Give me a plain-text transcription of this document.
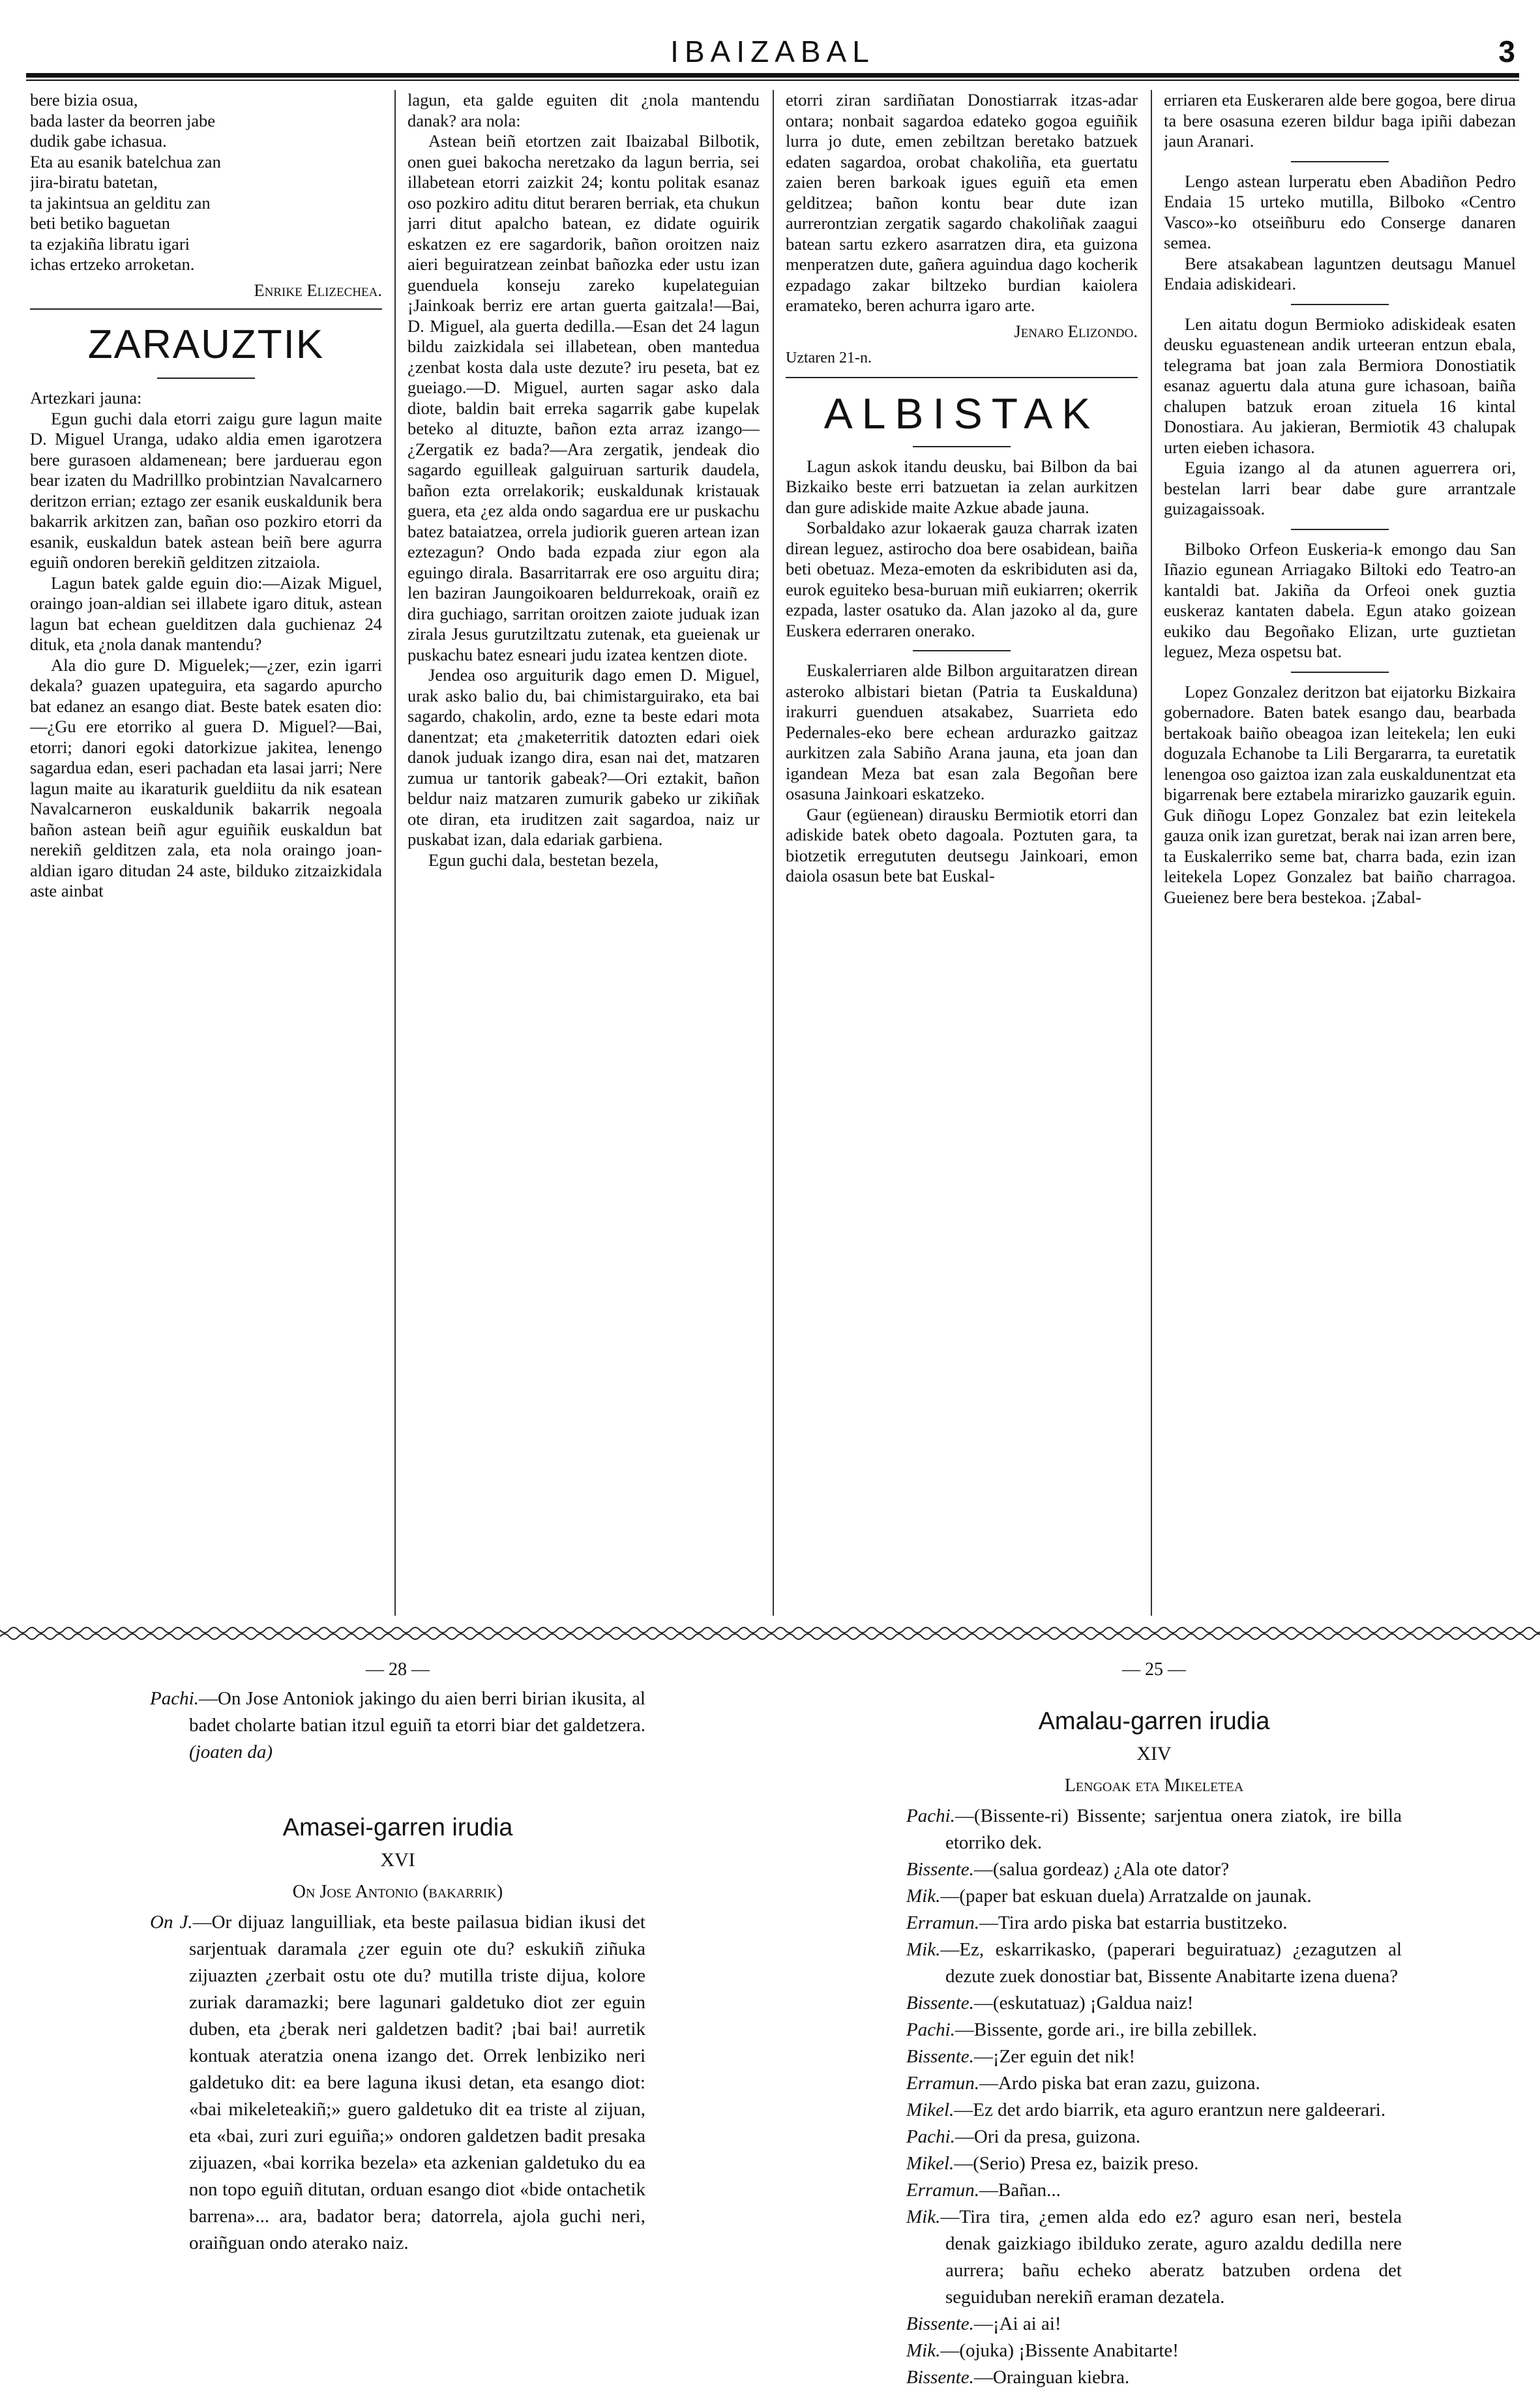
IBAIZABAL	3

bere bizia osua,

bada laster da beorren jabe

dudik gabe ichasua.

Eta au esanik batelchua zan

jira-biratu batetan,

ta jakintsua an gelditu zan

beti betiko baguetan

ta ezjakiña libratu igari

ichas ertzeko arroketan.

Enrike Elizechea.

ZARAUZTIK

Artezkari jauna:

Egun guchi dala etorri zaigu gure lagun maite D. Miguel Uranga, udako aldia emen igarotzera bere gurasoen aldamenean; bere jarduerau egon bear izaten du Madrillko probintzian Navalcarnero deritzon errian; eztago zer esanik euskaldunik bera bakarrik arkitzen zan, bañan oso pozkiro etorri da esanik, euskaldun batek astean beiñ bere agurra eguiñ ondoren berekiñ gelditzen zitzaiola.

Lagun batek galde eguin dio:—Aizak Miguel, oraingo joan-aldian sei illabete igaro dituk, astean lagun bat echean guelditzen dala guchienaz 24 dituk, eta ¿nola danak mantendu?

Ala dio gure D. Miguelek;—¿zer, ezin igarri dekala? guazen upateguira, eta sagardo apurcho bat edanez an esango diat. Beste batek esaten dio:—¿Gu ere etorriko al guera D. Miguel?—Bai, etorri; danori egoki datorkizue jakitea, lenengo sagardua edan, eseri pachadan eta lasai jarri; Nere lagun maite au ikaraturik gueldiitu da nik esatean Navalcarneron euskaldunik bakarrik negoala bañon astean beiñ agur eguiñik euskaldun bat nerekiñ gelditzen zala, eta nola oraingo joan-aldian igaro ditudan 24 aste, bilduko zitzaizkidala aste ainbat

lagun, eta galde eguiten dit ¿nola mantendu danak? ara nola:

Astean beiñ etortzen zait Ibaizabal Bilbotik, onen guei bakocha neretzako da lagun berria, sei illabetean etorri zaizkit 24; kontu politak esanaz oso pozkiro aditu ditut beraren berriak, eta chukun jarri ditut apalcho batean, ez didate oguirik eskatzen ez ere sagardorik, bañon oroitzen naiz aieri beguiratzean zeinbat bañozka eder ustu izan guenduela konseju zareko kupelateguian ¡Jainkoak berriz ere artan guerta gaitzala!—Bai, D. Miguel, ala guerta dedilla.—Esan det 24 lagun bildu zaizkidala sei illabetean, oben mantedua ¿zenbat kosta dala uste dezute? iru peseta, bat ez gueiago.—D. Miguel, aurten sagar asko dala diote, baldin bait erreka sagarrik gabe kupelak beteko al dituzte, bañon ezta arraz izango—¿Zergatik ez bada?—Ara zergatik, jendeak dio sagardo eguilleak galguiruan sarturik daudela, bañon ezta orrelakorik; euskaldunak kristauak guera, eta ¿ez alda ondo sagardua ere ur puskachu batez bataiatzea, orrela judiorik gueren artean izan eztezagun? Ondo bada ezpada ziur egon ala eguingo dirala. Basarritarrak ere oso arguitu dira; len baziran Jaungoikoaren beldurrekoak, oraiñ ez dira guchiago, sarritan oroitzen zaiote juduak izan zirala Jesus gurutziltzatu zutenak, eta gueienak ur puskachu batez esneari judu izatea kentzen diote.

Jendea oso arguiturik dago emen D. Miguel, urak asko balio du, bai chimistarguirako, eta bai sagardo, chakolin, ardo, ezne ta beste edari mota danentzat; eta ¿maketerritik datozten edari oiek danok juduak izango dira, esan nai det, matzaren zumua ur tantorik gabeak?—Ori eztakit, bañon beldur naiz matzaren zumurik gabeko ur zikiñak ote diran, eta iruditzen zait sagardoa, naiz ur puskabat izan, dala edariak garbiena.

Egun guchi dala, bestetan bezela,

etorri ziran sardiñatan Donostiarrak itzas-adar ontara; nonbait sagardoa edateko gogoa eguiñik lurra jo dute, emen zebiltzan beretako batzuek edaten sagardoa, orobat chakoliña, eta guertatu zaien beren barkoak igues eguiñ eta emen gelditzea; bañon kontu bear dute izan aurrerontzian zergatik sagardo chakoliñak zaagui batean sartu ezkero asarratzen dira, eta guizona menperatzen dute, gañera aguindua dago kocherik ezpadago zakar biltzeko burdian kaiolera eramateko, beren achurra igaro arte.

Jenaro Elizondo.

Uztaren 21-n.

ALBISTAK

Lagun askok itandu deusku, bai Bilbon da bai Bizkaiko beste erri batzuetan ia zelan aurkitzen dan gure adiskide maite Azkue abade jauna.

Sorbaldako azur lokaerak gauza charrak izaten direan leguez, astirocho doa bere osabidean, baiña beti obetuaz. Meza-emoten da eskribiduten asi da, eurok eguiteko besa-buruan miñ eukiarren; okerrik ezpada, laster osatuko da. Alan jazoko al da, gure Euskera ederraren onerako.

Euskalerriaren alde Bilbon arguitaratzen direan asteroko albistari bietan (Patria ta Euskalduna) irakurri guenduen atsakabez, Suarrieta edo Pedernales-eko bere echean ardurazko gaitzaz aurkitzen zala Sabiño Arana jauna, eta joan dan igandean Meza bat esan zala Begoñan bere osasuna Jainkoari eskatzeko.

Gaur (egüenean) dirausku Bermiotik etorri dan adiskide batek obeto dagoala. Poztuten gara, ta biotzetik erregututen deutsegu Jainkoari, emon daiola osasun bete bat Euskal-

erriaren eta Euskeraren alde bere gogoa, bere dirua ta bere osasuna ezeren bildur baga ipiñi dabezan jaun Aranari.

Lengo astean lurperatu eben Abadiñon Pedro Endaia 15 urteko mutilla, Bilboko «Centro Vasco»-ko otseiñburu edo Conserge danaren semea.

Bere atsakabean laguntzen deutsagu Manuel Endaia adiskideari.

Len aitatu dogun Bermioko adiskideak esaten deusku eguastenean andik urteeran entzun ebala, telegrama bat joan zala Bermiora Donostiatik esanaz aguertu dala atuna gure ichasoan, baiña chalupen batzuk eroan zituela 16 kintal Donostiara. Au jakieran, Bermiotik 43 chalupak urten eieben ichasora.

Eguia izango al da atunen aguerrera ori, bestelan larri bear dabe gure arrantzale guizagaissoak.

Bilboko Orfeon Euskeria-k emongo dau San Iñazio egunean Arriagako Biltoki edo Teatro-an kantaldi bat. Jakiña da Orfeoi onek guztia euskeraz kantaten dabela. Egun atako goizean eukiko dau Begoñako Elizan, urte guztietan leguez, Meza ospetsu bat.

Lopez Gonzalez deritzon bat eijatorku Bizkaira gobernadore. Baten batek esango dau, bearbada bertakoak baiño obeagoa izan leitekela; len euki doguzala Echanobe ta Lili Bergararra, ta euretatik lenengoa oso gaiztoa izan zala euskaldunentzat eta bigarrenak bere eztabela mirarizko gauzarik eguin. Guk diñogu Lopez Gonzalez bat ezin leitekela gauza onik izan guretzat, berak nai izan arren bere, ta Euskalerriko seme bat, charra bada, ezin izan leitekela Lopez Gonzalez bat baiño charragoa. Gueienez bere bera bestekoa. ¡Zabal-

— 28 —

Pachi.—On Jose Antoniok jakingo du aien berri birian ikusita, al badet cholarte batian itzul eguiñ ta etorri biar det galdetzera. (joaten da)

Amasei-garren irudia

XVI

On Jose Antonio (bakarrik)

On J.—Or dijuaz languilliak, eta beste pailasua bidian ikusi det sarjentuak daramala ¿zer eguin ote du? eskukiñ ziñuka zijuazten ¿zerbait ostu ote du? mutilla triste dijua, kolore zuriak daramazki; bere lagunari galdetuko diot zer eguin duben, eta ¿berak neri galdetzen badit? ¡bai bai! aurretik kontuak ateratzia onena izango det. Orrek lenbiziko neri galdetuko dit: ea bere laguna ikusi detan, eta esango diot: «bai mikeleteakiñ;» guero galdetuko dit ea triste al zijuan, eta «bai, zuri zuri eguiña;» ondoren galdetzen badit presaka zijuazen, «bai korrika bezela» eta azkenian galdetuko du ea non topo eguiñ ditutan, orduan esango diot «bide ontachetik barrena»... ara, badator bera; datorrela, ajola guchi neri, oraiñguan ondo aterako naiz.

— 25 —

Amalau-garren irudia

XIV

Lengoak eta Mikeletea

Pachi.—(Bissente-ri) Bissente; sarjentua onera ziatok, ire billa etorriko dek.

Bissente.—(salua gordeaz) ¿Ala ote dator?

Mik.—(paper bat eskuan duela) Arratzalde on jaunak.

Erramun.—Tira ardo piska bat estarria bustitzeko.

Mik.—Ez, eskarrikasko, (paperari beguiratuaz) ¿ezagutzen al dezute zuek donostiar bat, Bissente Anabitarte izena duena?

Bissente.—(eskutatuaz) ¡Galdua naiz!

Pachi.—Bissente, gorde ari., ire billa zebillek.

Bissente.—¡Zer eguin det nik!

Erramun.—Ardo piska bat eran zazu, guizona.

Mikel.—Ez det ardo biarrik, eta aguro erantzun nere galdeerari.

Pachi.—Ori da presa, guizona.

Mikel.—(Serio) Presa ez, baizik preso.

Erramun.—Bañan...

Mik.—Tira tira, ¿emen alda edo ez? aguro esan neri, bestela denak gaizkiago ibilduko zerate, aguro azaldu dedilla nere aurrera; bañu echeko aberatz batzuben ordena det seguiduban nerekiñ eraman dezatela.

Bissente.—¡Ai ai ai!

Mik.—(ojuka) ¡Bissente Anabitarte!

Bissente.—Orainguan kiebra.
